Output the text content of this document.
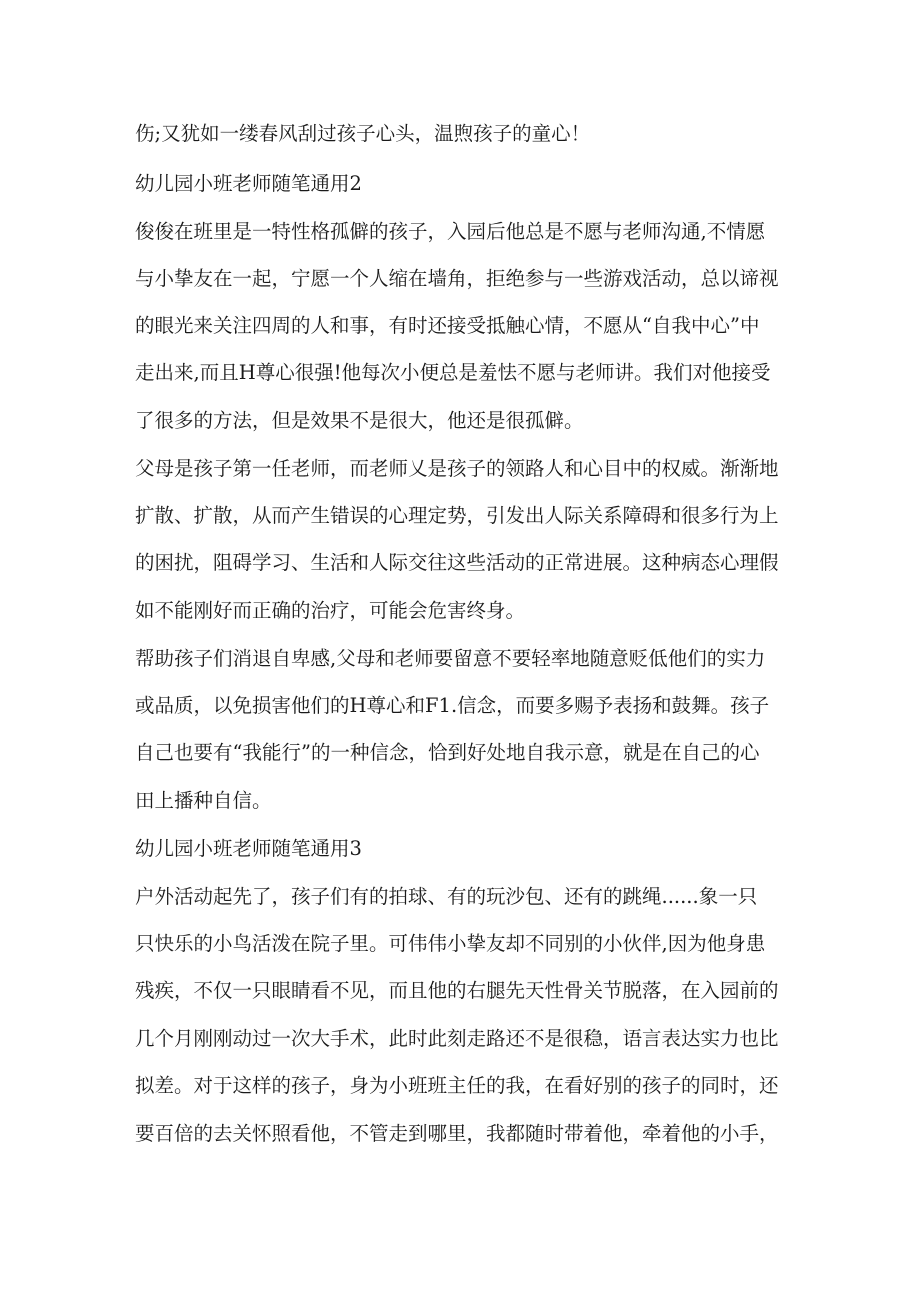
伤;又犹如一缕春风刮过孩子心头，温煦孩子的童心！
幼儿园小班老师随笔通用2
俊俊在班里是一特性格孤僻的孩子，入园后他总是不愿与老师沟通,不情愿
与小挚友在一起，宁愿一个人缩在墙角，拒绝参与一些游戏活动，总以谛视
的眼光来关注四周的人和事，有时还接受抵触心情，不愿从“自我中心”中
走出来,而且H尊心很强!他每次小便总是羞怯不愿与老师讲。我们对他接受
了很多的方法，但是效果不是很大，他还是很孤僻。
父母是孩子第一任老师，而老师乂是孩子的领路人和心目中的权威。渐渐地
扩散、扩散，从而产生错误的心理定势，引发出人际关系障碍和很多行为上
的困扰，阻碍学习、生活和人际交往这些活动的正常进展。这种病态心理假
如不能刚好而正确的治疗，可能会危害终身。
帮助孩子们消退自卑感,父母和老师要留意不要轻率地随意贬低他们的实力
或品质，以免损害他们的H尊心和F1.信念，而要多赐予表扬和鼓舞。孩子
自己也要有“我能行”的一种信念，恰到好处地自我示意，就是在自己的心
田上播种自信。
幼儿园小班老师随笔通用3
户外活动起先了，孩子们有的拍球、有的玩沙包、还有的跳绳......象一只
只快乐的小鸟活泼在院子里。可伟伟小挚友却不同别的小伙伴,因为他身患
残疾，不仅一只眼睛看不见，而且他的右腿先天性骨关节脱落，在入园前的
几个月刚刚动过一次大手术，此时此刻走路还不是很稳，语言表达实力也比
拟差。对于这样的孩子，身为小班班主任的我，在看好别的孩子的同时，还
要百倍的去关怀照看他，不管走到哪里，我都随时带着他，牵着他的小手，
